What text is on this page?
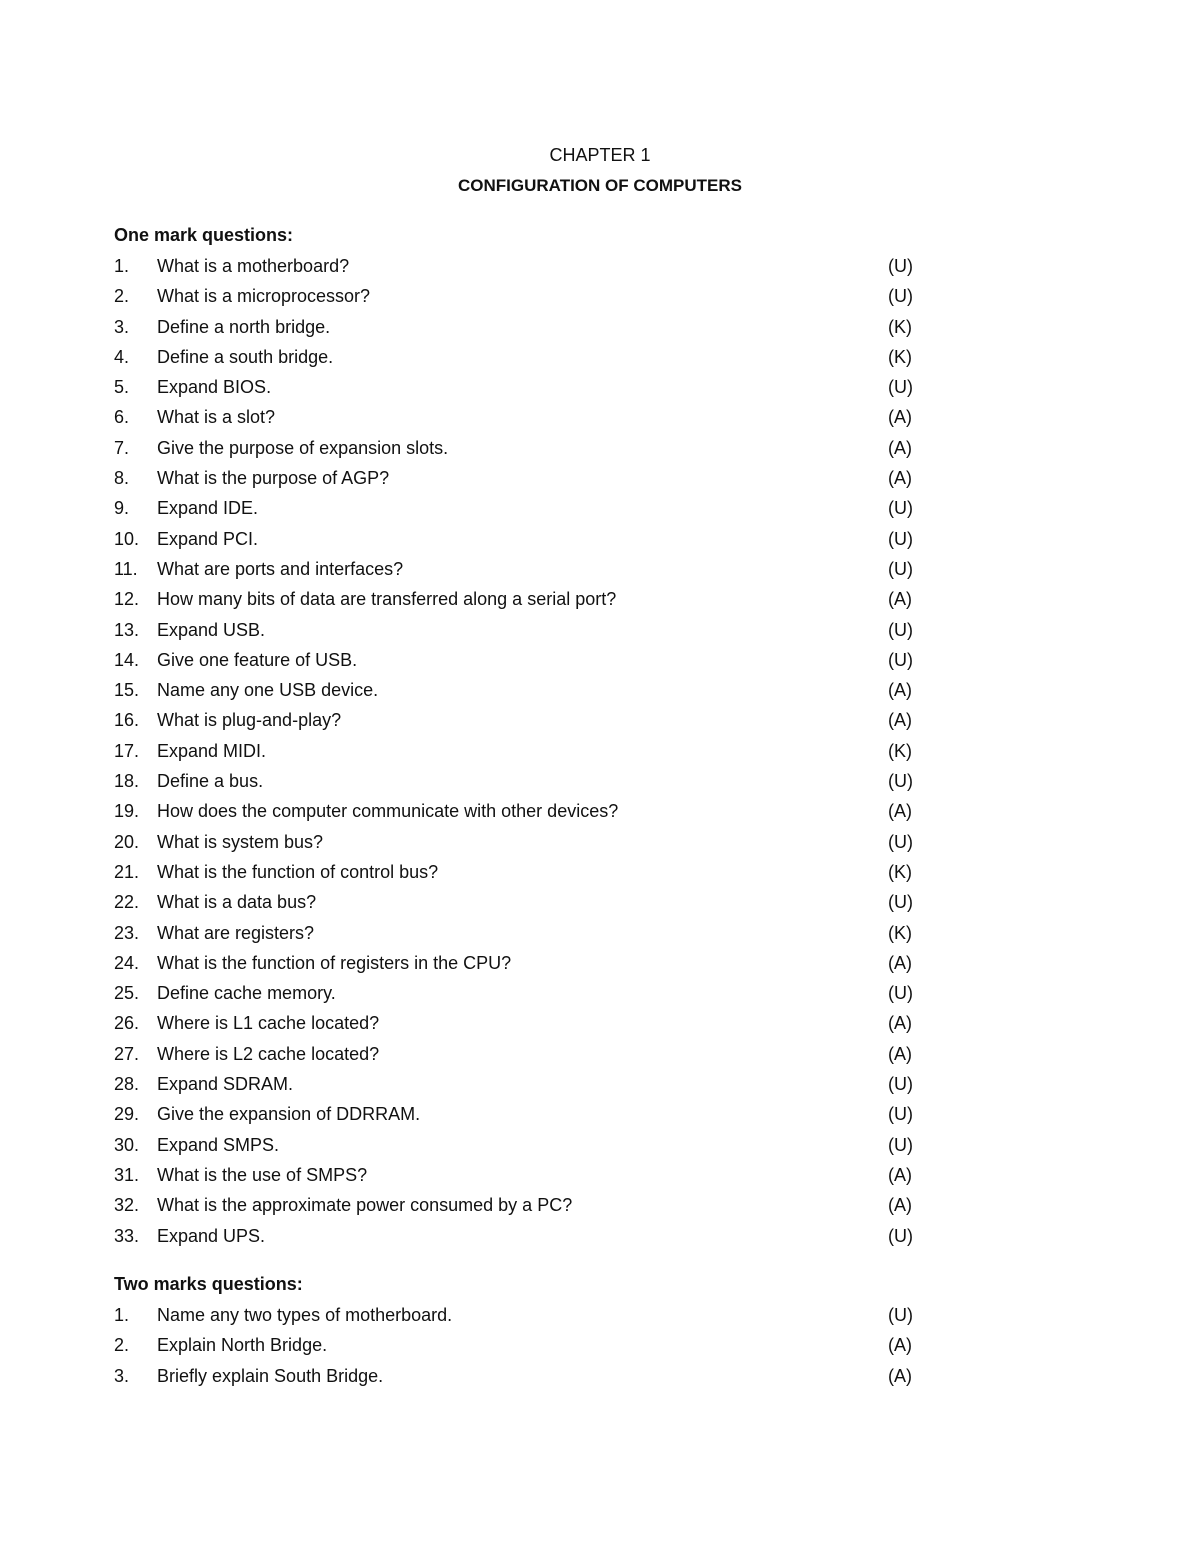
CHAPTER 1
CONFIGURATION OF COMPUTERS
One mark questions:
1. What is a motherboard?	(U)
2. What is a microprocessor?	(U)
3. Define a north bridge.	(K)
4. Define a south bridge.	(K)
5. Expand BIOS.	(U)
6. What is a slot?	(A)
7. Give the purpose of expansion slots.	(A)
8. What is the purpose of AGP?	(A)
9. Expand IDE.	(U)
10. Expand PCI.	(U)
11. What are ports and interfaces?	(U)
12. How many bits of data are transferred along a serial port?	(A)
13. Expand USB.	(U)
14. Give one feature of USB.	(U)
15. Name any one USB device.	(A)
16. What is plug-and-play?	(A)
17. Expand MIDI.	(K)
18. Define a bus.	(U)
19. How does the computer communicate with other devices?	(A)
20. What is system bus?	(U)
21. What is the function of control bus?	(K)
22. What is a data bus?	(U)
23. What are registers?	(K)
24. What is the function of registers in the CPU?	(A)
25. Define cache memory.	(U)
26. Where is L1 cache located?	(A)
27. Where is L2 cache located?	(A)
28. Expand SDRAM.	(U)
29. Give the expansion of DDRRAM.	(U)
30. Expand SMPS.	(U)
31. What is the use of SMPS?	(A)
32. What is the approximate power consumed by a PC?	(A)
33. Expand UPS.	(U)
Two marks questions:
1. Name any two types of motherboard.	(U)
2. Explain North Bridge.	(A)
3. Briefly explain South Bridge.	(A)
